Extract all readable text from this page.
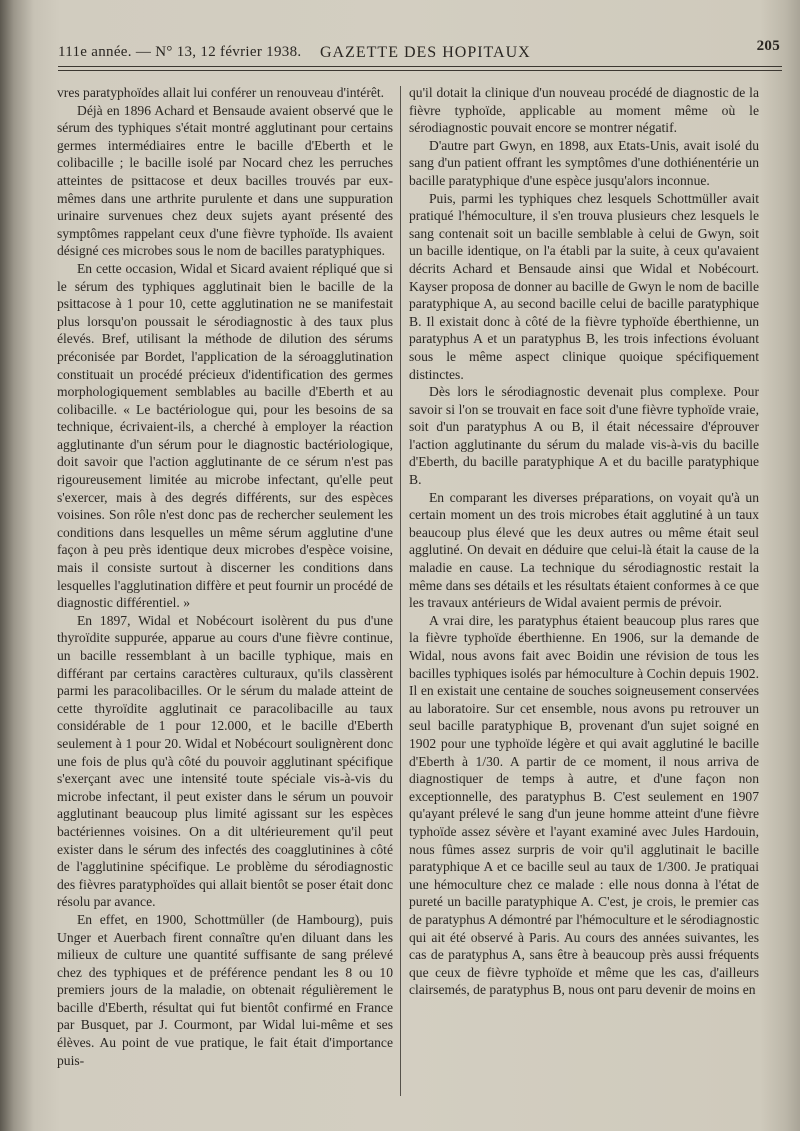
111e année. — N° 13, 12 février 1938. GAZETTE DES HOPITAUX	205

vres paratyphoïdes allait lui conférer un renouveau d'intérêt.

Déjà en 1896 Achard et Bensaude avaient observé que le sérum des typhiques s'était montré agglutinant pour certains germes intermédiaires entre le bacille d'Eberth et le colibacille ; le bacille isolé par Nocard chez les perruches atteintes de psittacose et deux bacilles trouvés par eux-mêmes dans une arthrite purulente et dans une suppuration urinaire survenues chez deux sujets ayant présenté des symptômes rappelant ceux d'une fièvre typhoïde. Ils avaient désigné ces microbes sous le nom de bacilles paratyphiques.

En cette occasion, Widal et Sicard avaient répliqué que si le sérum des typhiques agglutinait bien le bacille de la psittacose à 1 pour 10, cette agglutination ne se manifestait plus lorsqu'on poussait le sérodiagnostic à des taux plus élevés. Bref, utilisant la méthode de dilution des sérums préconisée par Bordet, l'application de la séroagglutination constituait un procédé précieux d'identification des germes morphologiquement semblables au bacille d'Eberth et au colibacille. « Le bactériologue qui, pour les besoins de sa technique, écrivaient-ils, a cherché à employer la réaction agglutinante d'un sérum pour le diagnostic bactériologique, doit savoir que l'action agglutinante de ce sérum n'est pas rigoureusement limitée au microbe infectant, qu'elle peut s'exercer, mais à des degrés différents, sur des espèces voisines. Son rôle n'est donc pas de rechercher seulement les conditions dans lesquelles un même sérum agglutine d'une façon à peu près identique deux microbes d'espèce voisine, mais il consiste surtout à discerner les conditions dans lesquelles l'agglutination diffère et peut fournir un procédé de diagnostic différentiel. »

En 1897, Widal et Nobécourt isolèrent du pus d'une thyroïdite suppurée, apparue au cours d'une fièvre continue, un bacille ressemblant à un bacille typhique, mais en différant par certains caractères culturaux, qu'ils classèrent parmi les paracolibacilles. Or le sérum du malade atteint de cette thyroïdite agglutinait ce paracolibacille au taux considérable de 1 pour 12.000, et le bacille d'Eberth seulement à 1 pour 20. Widal et Nobécourt soulignèrent donc une fois de plus qu'à côté du pouvoir agglutinant spécifique s'exerçant avec une intensité toute spéciale vis-à-vis du microbe infectant, il peut exister dans le sérum un pouvoir agglutinant beaucoup plus limité agissant sur les espèces bactériennes voisines. On a dit ultérieurement qu'il peut exister dans le sérum des infectés des coagglutinines à côté de l'agglutinine spécifique. Le problème du sérodiagnostic des fièvres paratyphoïdes qui allait bientôt se poser était donc résolu par avance.

En effet, en 1900, Schottmüller (de Hambourg), puis Unger et Auerbach firent connaître qu'en diluant dans les milieux de culture une quantité suffisante de sang prélevé chez des typhiques et de préférence pendant les 8 ou 10 premiers jours de la maladie, on obtenait régulièrement le bacille d'Eberth, résultat qui fut bientôt confirmé en France par Busquet, par J. Courmont, par Widal lui-même et ses élèves. Au point de vue pratique, le fait était d'importance puis-

qu'il dotait la clinique d'un nouveau procédé de diagnostic de la fièvre typhoïde, applicable au moment même où le sérodiagnostic pouvait encore se montrer négatif.

D'autre part Gwyn, en 1898, aux Etats-Unis, avait isolé du sang d'un patient offrant les symptômes d'une dothiénentérie un bacille paratyphique d'une espèce jusqu'alors inconnue.

Puis, parmi les typhiques chez lesquels Schottmüller avait pratiqué l'hémoculture, il s'en trouva plusieurs chez lesquels le sang contenait soit un bacille semblable à celui de Gwyn, soit un bacille identique, on l'a établi par la suite, à ceux qu'avaient décrits Achard et Bensaude ainsi que Widal et Nobécourt. Kayser proposa de donner au bacille de Gwyn le nom de bacille paratyphique A, au second bacille celui de bacille paratyphique B. Il existait donc à côté de la fièvre typhoïde éberthienne, un paratyphus A et un paratyphus B, les trois infections évoluant sous le même aspect clinique quoique spécifiquement distinctes.

Dès lors le sérodiagnostic devenait plus complexe. Pour savoir si l'on se trouvait en face soit d'une fièvre typhoïde vraie, soit d'un paratyphus A ou B, il était nécessaire d'éprouver l'action agglutinante du sérum du malade vis-à-vis du bacille d'Eberth, du bacille paratyphique A et du bacille paratyphique B.

En comparant les diverses préparations, on voyait qu'à un certain moment un des trois microbes était agglutiné à un taux beaucoup plus élevé que les deux autres ou même était seul agglutiné. On devait en déduire que celui-là était la cause de la maladie en cause. La technique du sérodiagnostic restait la même dans ses détails et les résultats étaient conformes à ce que les travaux antérieurs de Widal avaient permis de prévoir.

A vrai dire, les paratyphus étaient beaucoup plus rares que la fièvre typhoïde éberthienne. En 1906, sur la demande de Widal, nous avons fait avec Boidin une révision de tous les bacilles typhiques isolés par hémoculture à Cochin depuis 1902. Il en existait une centaine de souches soigneusement conservées au laboratoire. Sur cet ensemble, nous avons pu retrouver un seul bacille paratyphique B, provenant d'un sujet soigné en 1902 pour une typhoïde légère et qui avait agglutiné le bacille d'Eberth à 1/30. A partir de ce moment, il nous arriva de diagnostiquer de temps à autre, et d'une façon non exceptionnelle, des paratyphus B. C'est seulement en 1907 qu'ayant prélevé le sang d'un jeune homme atteint d'une fièvre typhoïde assez sévère et l'ayant examiné avec Jules Hardouin, nous fûmes assez surpris de voir qu'il agglutinait le bacille paratyphique A et ce bacille seul au taux de 1/300. Je pratiquai une hémoculture chez ce malade : elle nous donna à l'état de pureté un bacille paratyphique A. C'est, je crois, le premier cas de paratyphus A démontré par l'hémoculture et le sérodiagnostic qui ait été observé à Paris. Au cours des années suivantes, les cas de paratyphus A, sans être à beaucoup près aussi fréquents que ceux de fièvre typhoïde et même que les cas, d'ailleurs clairsemés, de paratyphus B, nous ont paru devenir de moins en
